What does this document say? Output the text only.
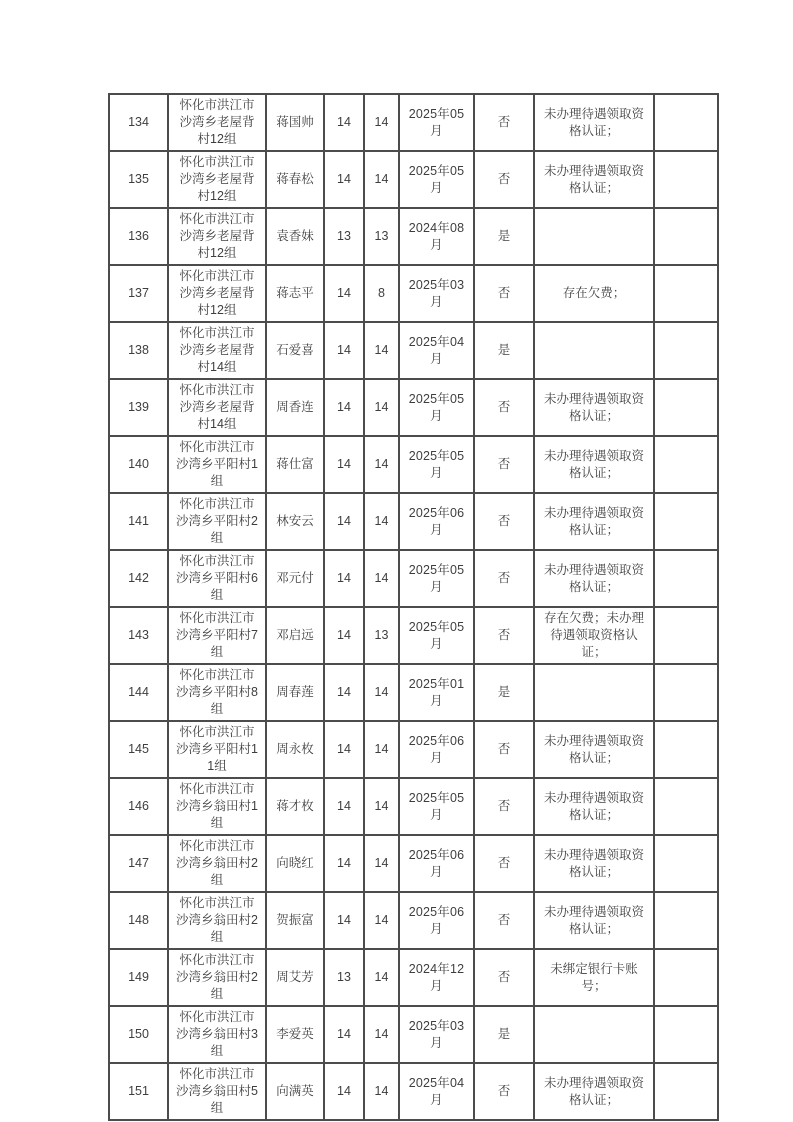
134	怀化市洪江市沙湾乡老屋背村12组	蒋国帅	14	14	2025年05月	否	未办理待遇领取资格认证；	
135	怀化市洪江市沙湾乡老屋背村12组	蒋春松	14	14	2025年05月	否	未办理待遇领取资格认证；	
136	怀化市洪江市沙湾乡老屋背村12组	袁香妹	13	13	2024年08月	是		
137	怀化市洪江市沙湾乡老屋背村12组	蒋志平	14	8	2025年03月	否	存在欠费；	
138	怀化市洪江市沙湾乡老屋背村14组	石爱喜	14	14	2025年04月	是		
139	怀化市洪江市沙湾乡老屋背村14组	周香连	14	14	2025年05月	否	未办理待遇领取资格认证；	
140	怀化市洪江市沙湾乡平阳村1组	蒋仕富	14	14	2025年05月	否	未办理待遇领取资格认证；	
141	怀化市洪江市沙湾乡平阳村2组	林安云	14	14	2025年06月	否	未办理待遇领取资格认证；	
142	怀化市洪江市沙湾乡平阳村6组	邓元付	14	14	2025年05月	否	未办理待遇领取资格认证；	
143	怀化市洪江市沙湾乡平阳村7组	邓启远	14	13	2025年05月	否	存在欠费；未办理待遇领取资格认证；	
144	怀化市洪江市沙湾乡平阳村8组	周春莲	14	14	2025年01月	是		
145	怀化市洪江市沙湾乡平阳村11组	周永枚	14	14	2025年06月	否	未办理待遇领取资格认证；	
146	怀化市洪江市沙湾乡翁田村1组	蒋才枚	14	14	2025年05月	否	未办理待遇领取资格认证；	
147	怀化市洪江市沙湾乡翁田村2组	向晓红	14	14	2025年06月	否	未办理待遇领取资格认证；	
148	怀化市洪江市沙湾乡翁田村2组	贺振富	14	14	2025年06月	否	未办理待遇领取资格认证；	
149	怀化市洪江市沙湾乡翁田村2组	周艾芳	13	14	2024年12月	否	未绑定银行卡账号；	
150	怀化市洪江市沙湾乡翁田村3组	李爱英	14	14	2025年03月	是		
151	怀化市洪江市沙湾乡翁田村5组	向满英	14	14	2025年04月	否	未办理待遇领取资格认证；	
